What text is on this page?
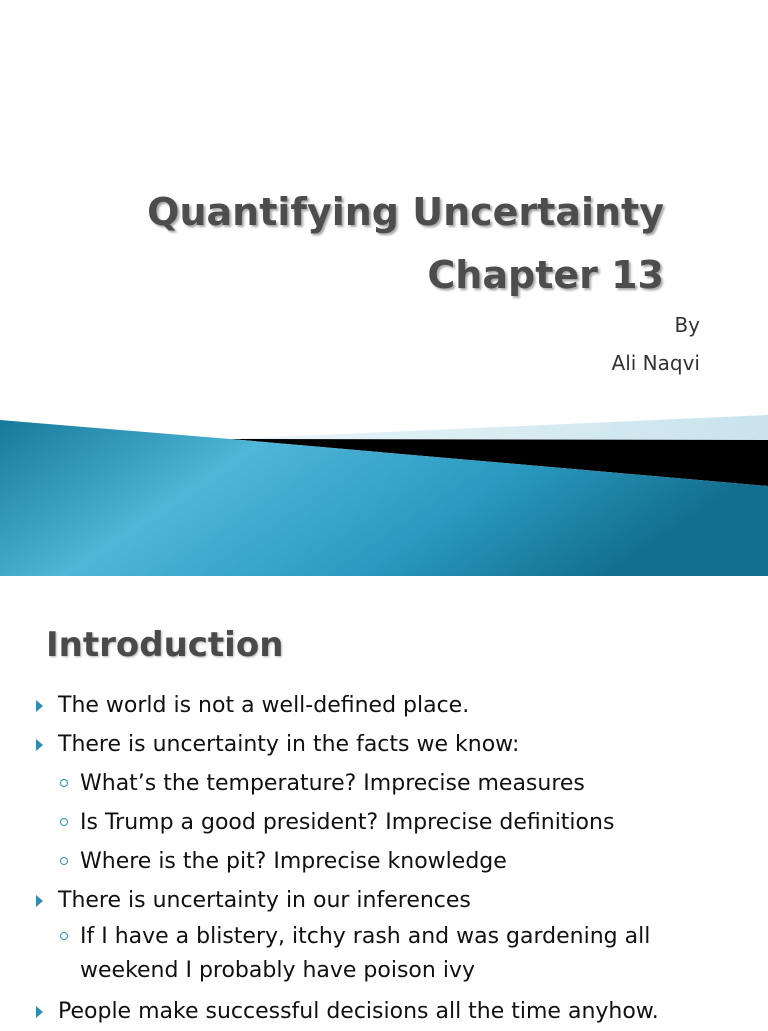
Quantifying Uncertainty
Chapter 13

By

Ali Naqvi

Introduction
The world is not a well-defined place.
There is uncertainty in the facts we know:
What’s the temperature? Imprecise measures
Is Trump a good president? Imprecise definitions
Where is the pit? Imprecise knowledge
There is uncertainty in our inferences
If I have a blistery, itchy rash and was gardening all weekend I probably have poison ivy
People make successful decisions all the time anyhow.
